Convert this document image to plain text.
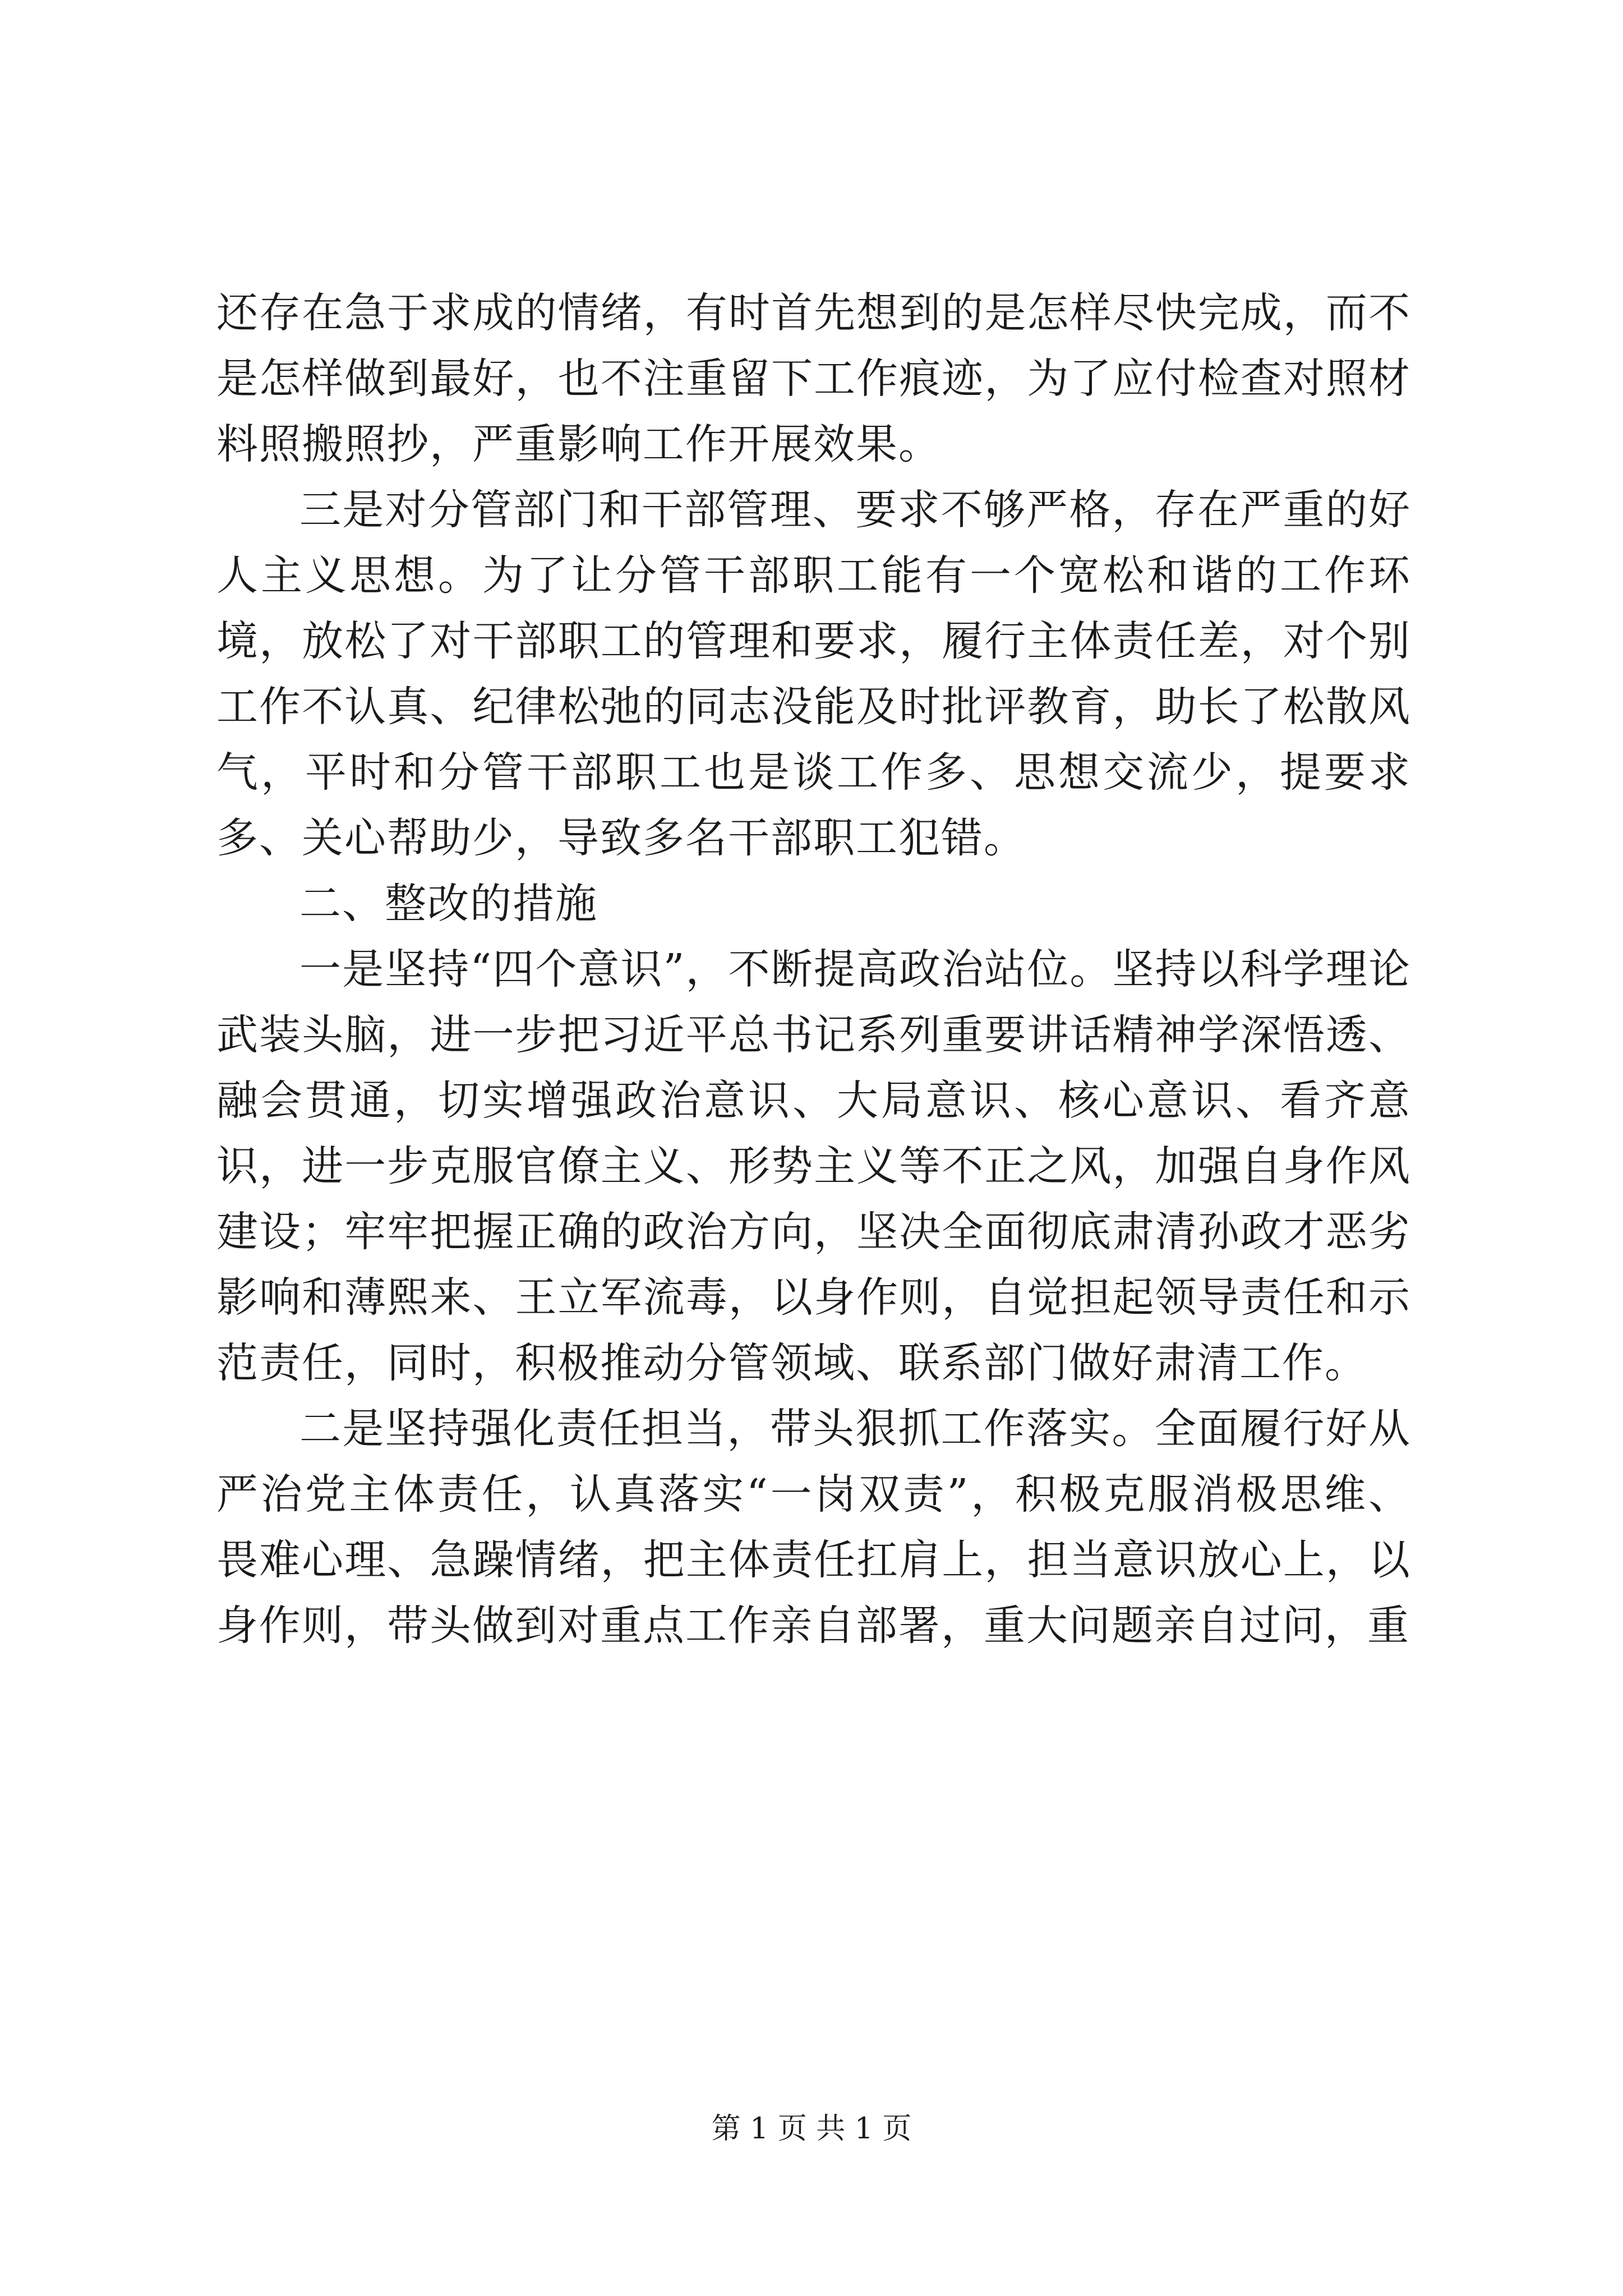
还存在急于求成的情绪，有时首先想到的是怎样尽快完成，而不是怎样做到最好，也不注重留下工作痕迹，为了应付检查对照材料照搬照抄，严重影响工作开展效果。

三是对分管部门和干部管理、要求不够严格，存在严重的好人主义思想。为了让分管干部职工能有一个宽松和谐的工作环境，放松了对干部职工的管理和要求，履行主体责任差，对个别工作不认真、纪律松弛的同志没能及时批评教育，助长了松散风气，平时和分管干部职工也是谈工作多、思想交流少，提要求多、关心帮助少，导致多名干部职工犯错。

二、整改的措施

一是坚持“四个意识”，不断提高政治站位。坚持以科学理论武装头脑，进一步把习近平总书记系列重要讲话精神学深悟透、融会贯通，切实增强政治意识、大局意识、核心意识、看齐意识，进一步克服官僚主义、形势主义等不正之风，加强自身作风建设；牢牢把握正确的政治方向，坚决全面彻底肃清孙政才恶劣影响和薄熙来、王立军流毒，以身作则，自觉担起领导责任和示范责任，同时，积极推动分管领域、联系部门做好肃清工作。

二是坚持强化责任担当，带头狠抓工作落实。全面履行好从严治党主体责任，认真落实“一岗双责”，积极克服消极思维、畏难心理、急躁情绪，把主体责任扛肩上，担当意识放心上，以身作则，带头做到对重点工作亲自部署，重大问题亲自过问，重

第 1 页 共 1 页
